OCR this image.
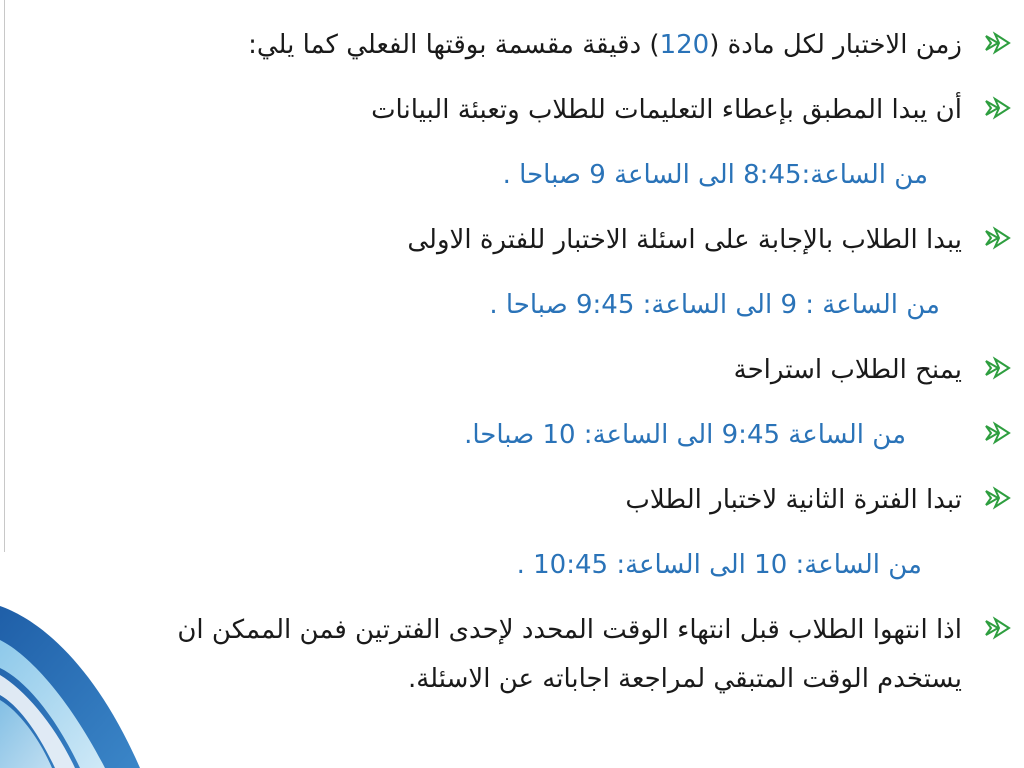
زمن الاختبار لكل مادة (120) دقيقة مقسمة بوقتها الفعلي كما يلي:
أن يبدا المطبق بإعطاء التعليمات للطلاب وتعبئة البيانات
من الساعة:8:45 الى الساعة 9 صباحا .
يبدا الطلاب بالإجابة على اسئلة الاختبار للفترة الاولى
من الساعة : 9 الى الساعة: 9:45 صباحا .
يمنح الطلاب استراحة
من الساعة 9:45 الى الساعة: 10 صباحا.
تبدا الفترة الثانية لاختبار الطلاب
من الساعة: 10 الى الساعة: 10:45 .
اذا انتهوا الطلاب قبل انتهاء الوقت المحدد لإحدى الفترتين فمن الممكن ان
يستخدم الوقت المتبقي لمراجعة اجاباته عن الاسئلة.
